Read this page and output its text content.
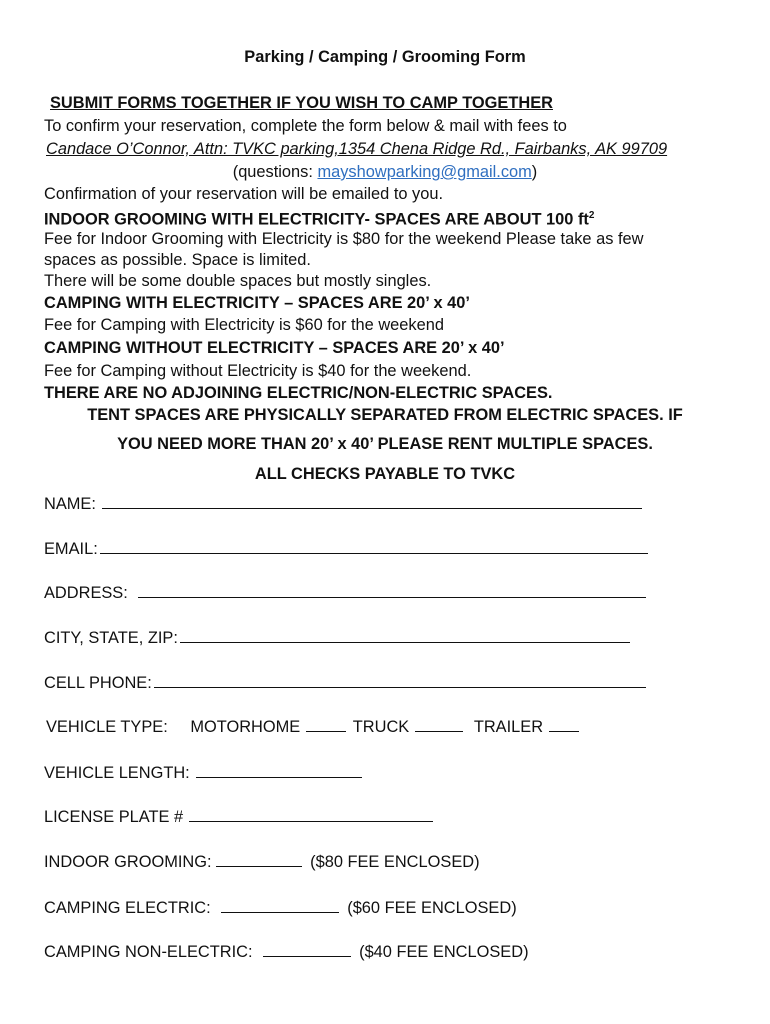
Parking / Camping / Grooming Form
SUBMIT FORMS TOGETHER IF YOU WISH TO CAMP TOGETHER
To confirm your reservation, complete the form below & mail with fees to
Candace O’Connor, Attn: TVKC parking,1354 Chena Ridge Rd., Fairbanks, AK 99709
(questions: mayshowparking@gmail.com)
Confirmation of your reservation will be emailed to you.
INDOOR GROOMING WITH ELECTRICITY- SPACES ARE ABOUT 100 $ft^2$
Fee for Indoor Grooming with Electricity is $80 for the weekend Please take as few
spaces as possible. Space is limited.
There will be some double spaces but mostly singles.
CAMPING WITH ELECTRICITY – SPACES ARE 20’ x 40’
Fee for Camping with Electricity is $60 for the weekend
CAMPING WITHOUT ELECTRICITY – SPACES ARE 20’ x 40’
Fee for Camping without Electricity is $40 for the weekend.
THERE ARE NO ADJOINING ELECTRIC/NON-ELECTRIC SPACES.
TENT SPACES ARE PHYSICALLY SEPARATED FROM ELECTRIC SPACES. IF
YOU NEED MORE THAN 20’ x 40’ PLEASE RENT MULTIPLE SPACES.
ALL CHECKS PAYABLE TO TVKC
NAME:
EMAIL:
ADDRESS:
CITY, STATE, ZIP:
CELL PHONE:
VEHICLE TYPE: MOTORHOME	TRUCK	TRAILER
VEHICLE LENGTH:
LICENSE PLATE #
INDOOR GROOMING:	($80 FEE ENCLOSED)
CAMPING ELECTRIC:	($60 FEE ENCLOSED)
CAMPING NON-ELECTRIC:	($40 FEE ENCLOSED)
